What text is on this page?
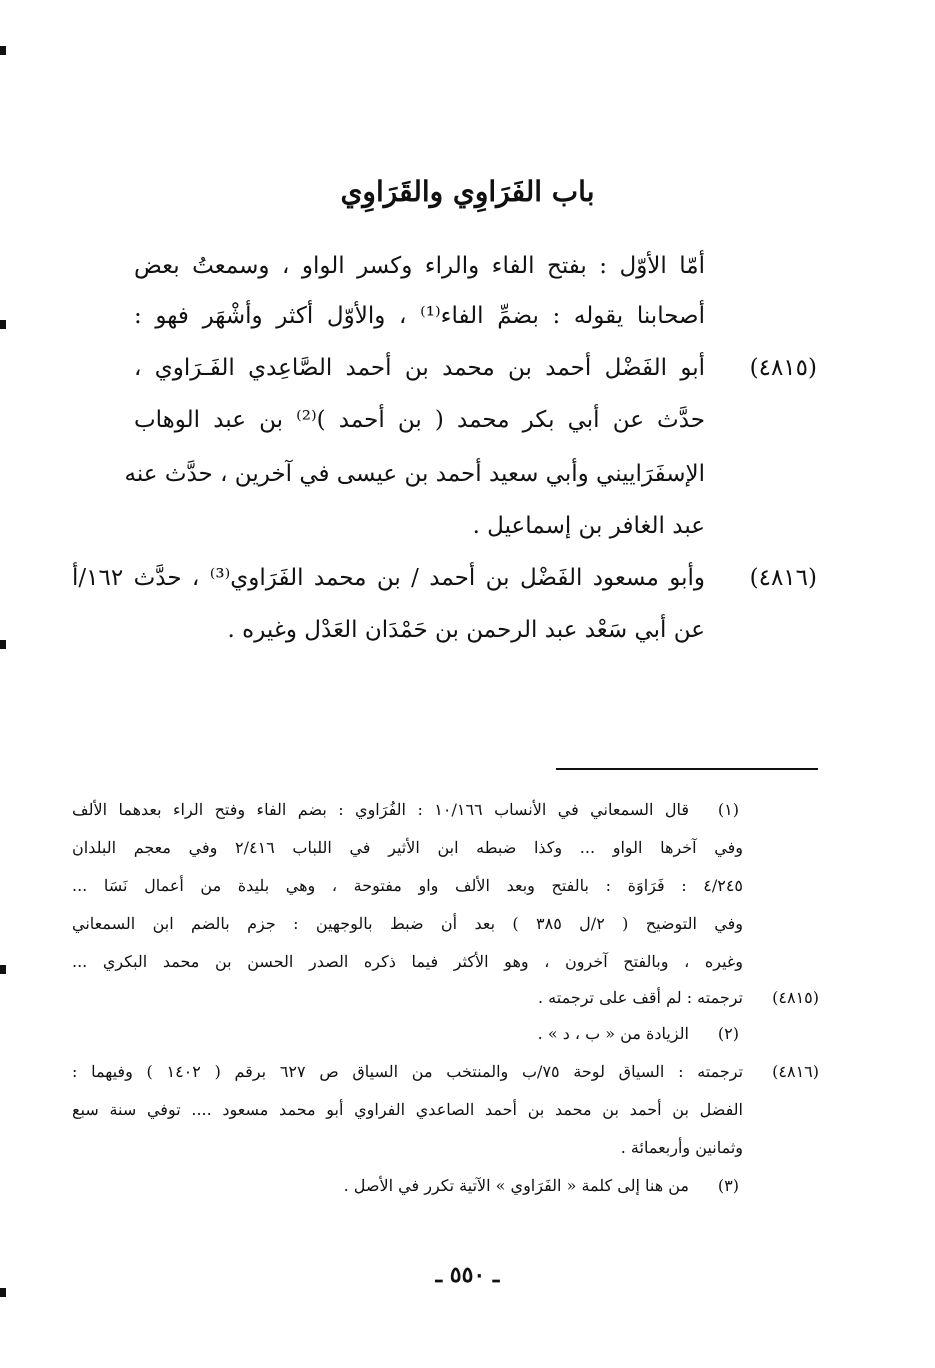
باب الفَرَاوِي والقَرَاوِي
أمّا الأوّل : بفتح الفاء والراء وكسر الواو ، وسمعتُ بعض
أصحابنا يقوله : بضمِّ الفاء⁽¹⁾ ، والأوّل أكثر وأشْهَر فهو :
(٤٨١٥)
أبو الفَضْل أحمد بن محمد بن أحمد الصَّاعِدي الفَـرَاوي ،
حدَّث عن أبي بكر محمد ( بن أحمد )⁽²⁾ بن عبد الوهاب
الإسفَرَاييني وأبي سعيد أحمد بن عيسى في آخرين ، حدَّث عنه
عبد الغافر بن إسماعيل .
(٤٨١٦)
وأبو مسعود الفَضْل بن أحمد / بن محمد الفَرَاوي⁽³⁾ ، حدَّث ١٦٢/أ
عن أبي سَعْد عبد الرحمن بن حَمْدَان العَدْل وغيره .
(١)
قال السمعاني في الأنساب ١٠/١٦٦ : الفُرَاوي : بضم الفاء وفتح الراء بعدهما الألف
وفي آخرها الواو ... وكذا ضبطه ابن الأثير في اللباب ٢/٤١٦ وفي معجم البلدان
٤/٢٤٥ : فَرَاوَة : بالفتح وبعد الألف واو مفتوحة ، وهي بليدة من أعمال نَسَا ...
وفي التوضيح ( ٢/ل ٣٨٥ ) بعد أن ضبط بالوجهين : جزم بالضم ابن السمعاني
وغيره ، وبالفتح آخرون ، وهو الأكثر فيما ذكره الصدر الحسن بن محمد البكري ...
(٤٨١٥)
ترجمته : لم أقف على ترجمته .
(٢)
الزيادة من « ب ، د » .
(٤٨١٦)
ترجمته : السياق لوحة ٧٥/ب والمنتخب من السياق ص ٦٢٧ برقم ( ١٤٠٢ ) وفيهما :
الفضل بن أحمد بن محمد بن أحمد الصاعدي الفراوي أبو محمد مسعود .... توفي سنة سبع
وثمانين وأربعمائة .
(٣)
من هنا إلى كلمة « الفَرَاوي » الآتية تكرر في الأصل .
ـ ٥٥٠ ـ
